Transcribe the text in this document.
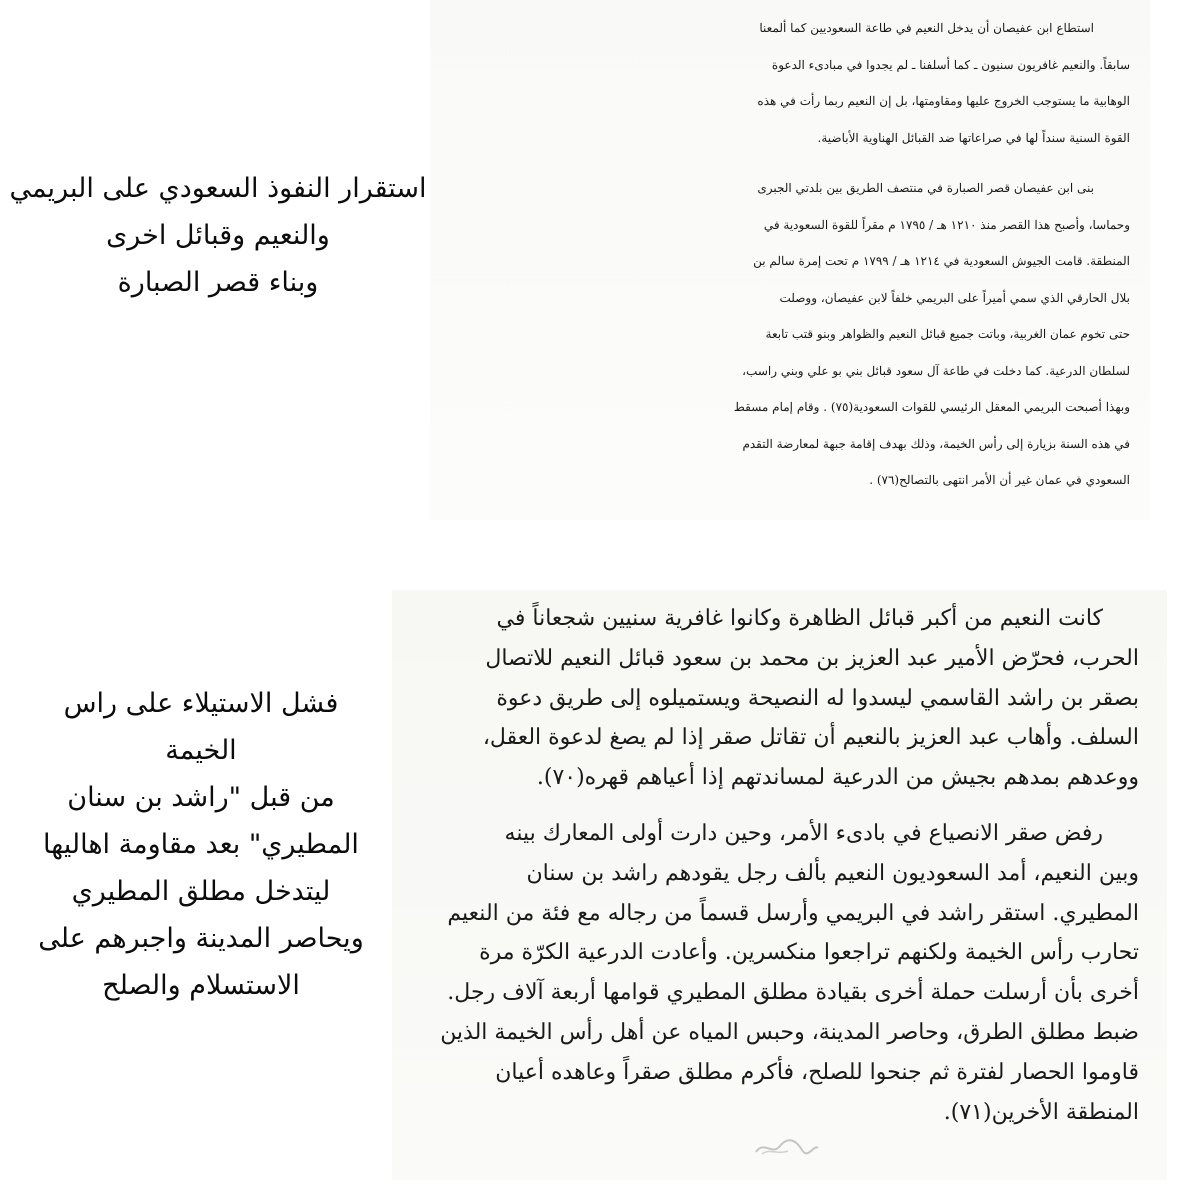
استقرار النفوذ السعودي على البريمي
والنعيم وقبائل اخرى
وبناء قصر الصبارة
استطاع ابن عفيصان أن يدخل النعيم في طاعة السعوديين كما ألمعنا
سابقاً. والنعيم غافريون سنيون ـ كما أسلفنا ـ لم يجدوا في مبادىء الدعوة
الوهابية ما يستوجب الخروج عليها ومقاومتها، بل إن النعيم ربما رأت في هذه
القوة السنية سنداً لها في صراعاتها ضد القبائل الهناوية الأباضية.
بنى ابن عفيصان قصر الصبارة في منتصف الطريق بين بلدتي الجبرى
وحماسا، وأصبح هذا القصر منذ ١٢١٠ هـ / ١٧٩٥ م مقراً للقوة السعودية في
المنطقة. قامت الجيوش السعودية في ١٢١٤ هـ / ١٧٩٩ م تحت إمرة سالم بن
بلال الحارقي الذي سمي أميراً على البريمي خلفاً لابن عفيصان، ووصلت
حتى تخوم عمان الغربية، وباتت جميع قبائل النعيم والظواهر وبنو قتب تابعة
لسلطان الدرعية. كما دخلت في طاعة آل سعود قبائل بني بو علي وبني راسب،
وبهذا أصبحت البريمي المعقل الرئيسي للقوات السعودية(٧٥) . وقام إمام مسقط
في هذه السنة بزيارة إلى رأس الخيمة، وذلك بهدف إقامة جبهة لمعارضة التقدم
السعودي في عمان غير أن الأمر انتهى بالتصالح(٧٦) .
فشل الاستيلاء على راس
الخيمة
من قبل "راشد بن سنان
المطيري" بعد مقاومة اهاليها
ليتدخل مطلق المطيري
ويحاصر المدينة واجبرهم على
الاستسلام والصلح
كانت النعيم من أكبر قبائل الظاهرة وكانوا غافرية سنيين شجعاناً في
الحرب، فحرّض الأمير عبد العزيز بن محمد بن سعود قبائل النعيم للاتصال
بصقر بن راشد القاسمي ليسدوا له النصيحة ويستميلوه إلى طريق دعوة
السلف. وأهاب عبد العزيز بالنعيم أن تقاتل صقر إذا لم يصغ لدعوة العقل،
ووعدهم بمدهم بجيش من الدرعية لمساندتهم إذا أعياهم قهره(٧٠).
رفض صقر الانصياع في بادىء الأمر، وحين دارت أولى المعارك بينه
وبين النعيم، أمد السعوديون النعيم بألف رجل يقودهم راشد بن سنان
المطيري. استقر راشد في البريمي وأرسل قسماً من رجاله مع فئة من النعيم
تحارب رأس الخيمة ولكنهم تراجعوا منكسرين. وأعادت الدرعية الكرّة مرة
أخرى بأن أرسلت حملة أخرى بقيادة مطلق المطيري قوامها أربعة آلاف رجل.
ضبط مطلق الطرق، وحاصر المدينة، وحبس المياه عن أهل رأس الخيمة الذين
قاوموا الحصار لفترة ثم جنحوا للصلح، فأكرم مطلق صقراً وعاهده أعيان
المنطقة الأخرين(٧١).
